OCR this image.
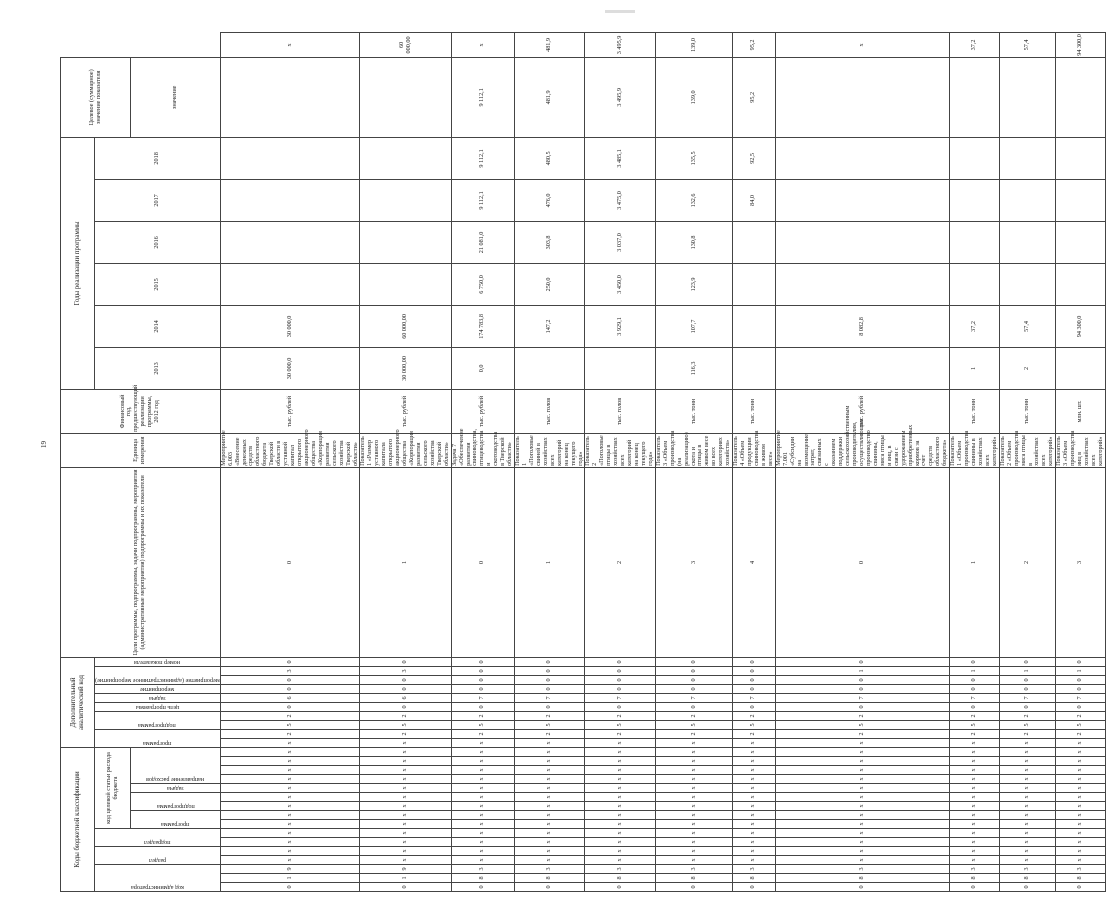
19
Коды бюджетной классификации																Дополнительный аналитический код										Цели программы, подпрограммы, задачи подпрограммы, мероприятия (административные мероприятия) подпрограммы и их показатели	Единица измерения	Финансовый год, предшествующий реализации программы, 2012 год	Годы реализации программы						Целевое (суммарное) значение показателя	

код администратора			раздел		подраздел		код целевой статьи расхода бюджета									программа		подпрограмма		цель программы	задача	мероприятие	мероприятие (административное мероприятие)		номер показателя				2013	2014	2015	2016	2017	2018		

							программа		подпрограмма		задача	направление расходов																							значение	
0	1	9	x	x	x	x	x	x	x	x	x	x	x	x	x	x	2	5	2	0	6	0	0	3	0	0	Мероприятие 6.003 «Внесение денежных средств областного бюджета Тверской области в уставной капитал открытого акционерного общества «Корпорация развития сельского хозяйства Тверской области»	тыс. рублей	30 000,0	30 000,0						x
0	1	9	x	x	x	x	x	x	x	x	x	x	x	x	x	x	2	5	2	0	6	0	0	3	0	1	Показатель 1 «Размер уставного капитала открытого акционерного общества «Корпорация развития сельского хозяйства Тверской области»	тыс. рублей	30 000,00	60 000,00						60 000,00
0	8	3	x	x	x	x	x	x	x	x	x	x	x	x	x	x	2	5	2	0	7	0	0	0	0	0	Задача 7 «Обеспечение развития свиноводства, птицеводства и скотоводства в Тверской области»	тыс. рублей	0,0	174 783,8	6 750,0	21 081,0	9 112,1	9 112,1	9 112,1	x
0	8	3	x	x	x	x	x	x	x	x	x	x	x	x	x	x	2	5	2	0	7	0	0	0	0	1	Показатель 1 «Поголовье свиней в хозяйствах всех категорий на конец текущего года»	тыс. голов		147,2	250,0	303,8	476,0	480,5	481,9	481,9
0	8	3	x	x	x	x	x	x	x	x	x	x	x	x	x	x	2	5	2	0	7	0	0	0	0	2	Показатель 2 «Поголовье птицы в хозяйствах всех категорий на конец текущего года»	тыс. голов		3 929,1	3 450,0	3 037,0	3 475,0	3 485,1	3 495,9	3 495,9
0	8	3	x	x	x	x	x	x	x	x	x	x	x	x	x	x	2	5	2	0	7	0	0	0	0	3	Показатель 3 «Объем производства (на реализацию) скота и птицы в живом весе во всех категориях хозяйств»	тыс. тонн	116,3	107,7	123,9	130,8	132,6	135,5	139,0	139,0
0	8	3	x	x	x	x	x	x	x	x	x	x	x	x	x	x	2	5	2	0	7	0	0	0	0	4	Показатель 4 «Объем продукции свиноводства в живом весе»	тыс. тонн					84,0	92,5	95,2	95,2
0	8	3	x	x	x	x	x	x	x	x	x	x	x	x	x	x	2	5	2	0	7	0	0	1	0	0	Мероприятие 7.001 «Субсидии на возмещение затрат, связанных с оказанием поддержки сельскохозяйственным производителям, осуществляющим производство свинины, мяса птицы и яиц, в связи с удорожанием приобретенных кормов за счет средств областного бюджета»	тыс. рублей		8 082,8						x
0	8	3	x	x	x	x	x	x	x	x	x	x	x	x	x	x	2	5	2	0	7	0	0	1	0	1	Показатель 1 «Объем производства свинины в хозяйствах всех категорий»	тыс. тонн	1	37,2						37,2
0	8	3	x	x	x	x	x	x	x	x	x	x	x	x	x	x	2	5	2	0	7	0	0	1	0	2	Показатель 2 «Объем производства мяса птицы в хозяйствах всех категорий»	тыс. тонн	2	57,4						57,4
0	8	3	x	x	x	x	x	x	x	x	x	x	x	x	x	x	2	5	2	0	7	0	0	1	0	3	Показатель 3 «Объем производства яиц в хозяйствах всех категорий»	млн. шт.		94 300,0						94 300,0
